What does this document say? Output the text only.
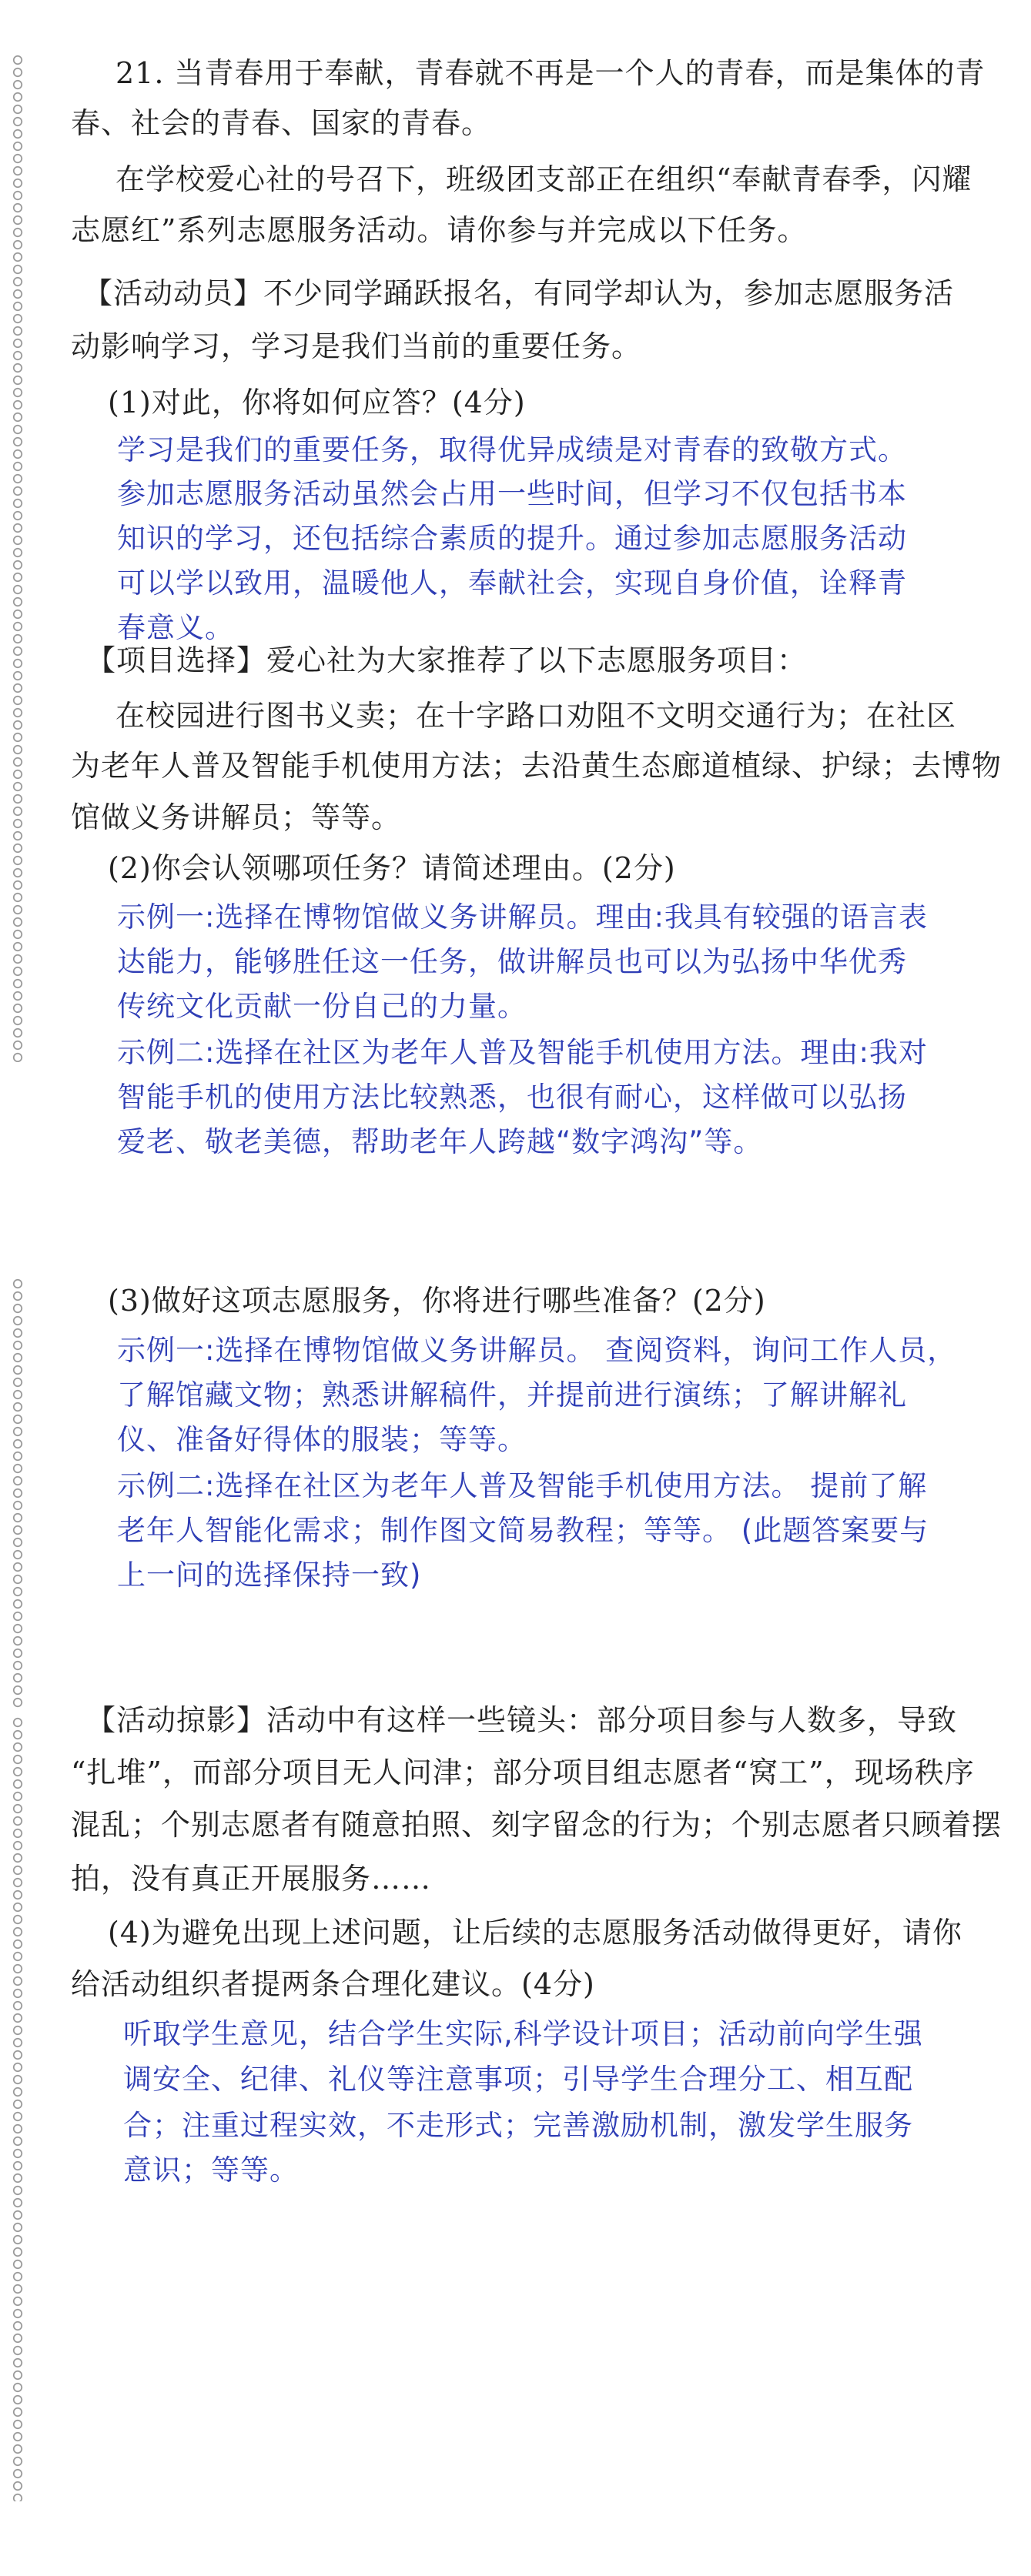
21. 当青春用于奉献，青春就不再是一个人的青春，而是集体的青
春、社会的青春、国家的青春。
在学校爱心社的号召下，班级团支部正在组织“奉献青春季，闪耀
志愿红”系列志愿服务活动。请你参与并完成以下任务。
【活动动员】不少同学踊跃报名，有同学却认为，参加志愿服务活
动影响学习，学习是我们当前的重要任务。
(1)对此，你将如何应答？(4分)
学习是我们的重要任务，取得优异成绩是对青春的致敬方式。
参加志愿服务活动虽然会占用一些时间，但学习不仅包括书本
知识的学习，还包括综合素质的提升。通过参加志愿服务活动
可以学以致用，温暖他人，奉献社会，实现自身价值，诠释青
春意义。
【项目选择】爱心社为大家推荐了以下志愿服务项目：
在校园进行图书义卖；在十字路口劝阻不文明交通行为；在社区
为老年人普及智能手机使用方法；去沿黄生态廊道植绿、护绿；去博物
馆做义务讲解员；等等。
(2)你会认领哪项任务？请简述理由。(2分)
示例一:选择在博物馆做义务讲解员。理由:我具有较强的语言表
达能力，能够胜任这一任务，做讲解员也可以为弘扬中华优秀
传统文化贡献一份自己的力量。
示例二:选择在社区为老年人普及智能手机使用方法。理由:我对
智能手机的使用方法比较熟悉，也很有耐心，这样做可以弘扬
爱老、敬老美德，帮助老年人跨越“数字鸿沟”等。
(3)做好这项志愿服务，你将进行哪些准备？(2分)
示例一:选择在博物馆做义务讲解员。 查阅资料，询问工作人员，
了解馆藏文物；熟悉讲解稿件，并提前进行演练；了解讲解礼
仪、准备好得体的服装；等等。
示例二:选择在社区为老年人普及智能手机使用方法。 提前了解
老年人智能化需求；制作图文简易教程；等等。 (此题答案要与
上一问的选择保持一致)
【活动掠影】活动中有这样一些镜头：部分项目参与人数多，导致
“扎堆”，而部分项目无人问津；部分项目组志愿者“窝工”，现场秩序
混乱；个别志愿者有随意拍照、刻字留念的行为；个别志愿者只顾着摆
拍，没有真正开展服务……
(4)为避免出现上述问题，让后续的志愿服务活动做得更好，请你
给活动组织者提两条合理化建议。(4分)
听取学生意见，结合学生实际,科学设计项目；活动前向学生强
调安全、纪律、礼仪等注意事项；引导学生合理分工、相互配
合；注重过程实效，不走形式；完善激励机制，激发学生服务
意识；等等。
